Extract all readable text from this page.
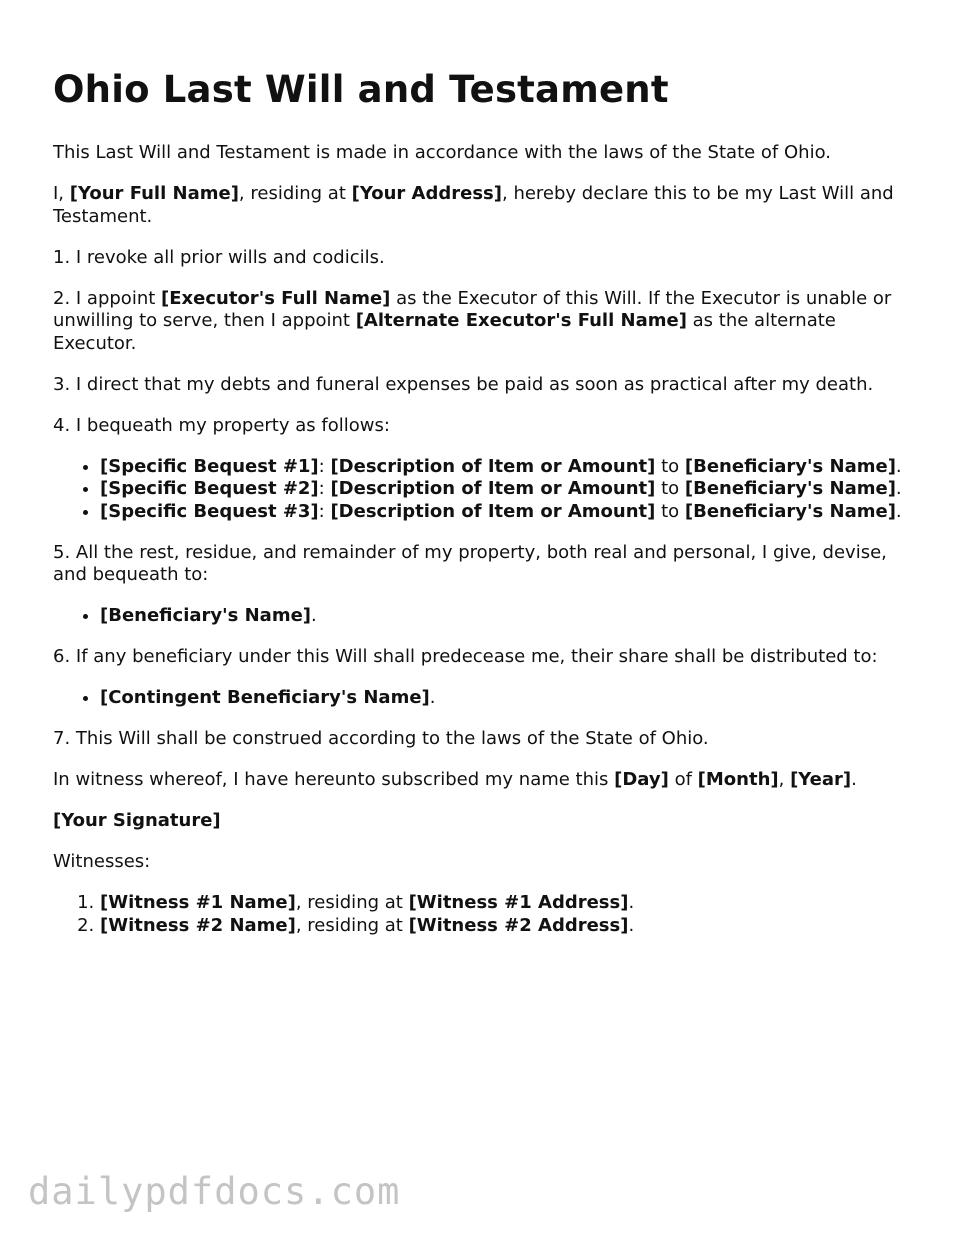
Ohio Last Will and Testament

This Last Will and Testament is made in accordance with the laws of the State of Ohio.

I, [Your Full Name], residing at [Your Address], hereby declare this to be my Last Will and Testament.

1. I revoke all prior wills and codicils.

2. I appoint [Executor's Full Name] as the Executor of this Will. If the Executor is unable or unwilling to serve, then I appoint [Alternate Executor's Full Name] as the alternate Executor.

3. I direct that my debts and funeral expenses be paid as soon as practical after my death.

4. I bequeath my property as follows:

• [Specific Bequest #1]: [Description of Item or Amount] to [Beneficiary's Name].
• [Specific Bequest #2]: [Description of Item or Amount] to [Beneficiary's Name].
• [Specific Bequest #3]: [Description of Item or Amount] to [Beneficiary's Name].

5. All the rest, residue, and remainder of my property, both real and personal, I give, devise, and bequeath to:

• [Beneficiary's Name].

6. If any beneficiary under this Will shall predecease me, their share shall be distributed to:

• [Contingent Beneficiary's Name].

7. This Will shall be construed according to the laws of the State of Ohio.

In witness whereof, I have hereunto subscribed my name this [Day] of [Month], [Year].

[Your Signature]

Witnesses:

1. [Witness #1 Name], residing at [Witness #1 Address].
2. [Witness #2 Name], residing at [Witness #2 Address].
dailypdfdocs.com
